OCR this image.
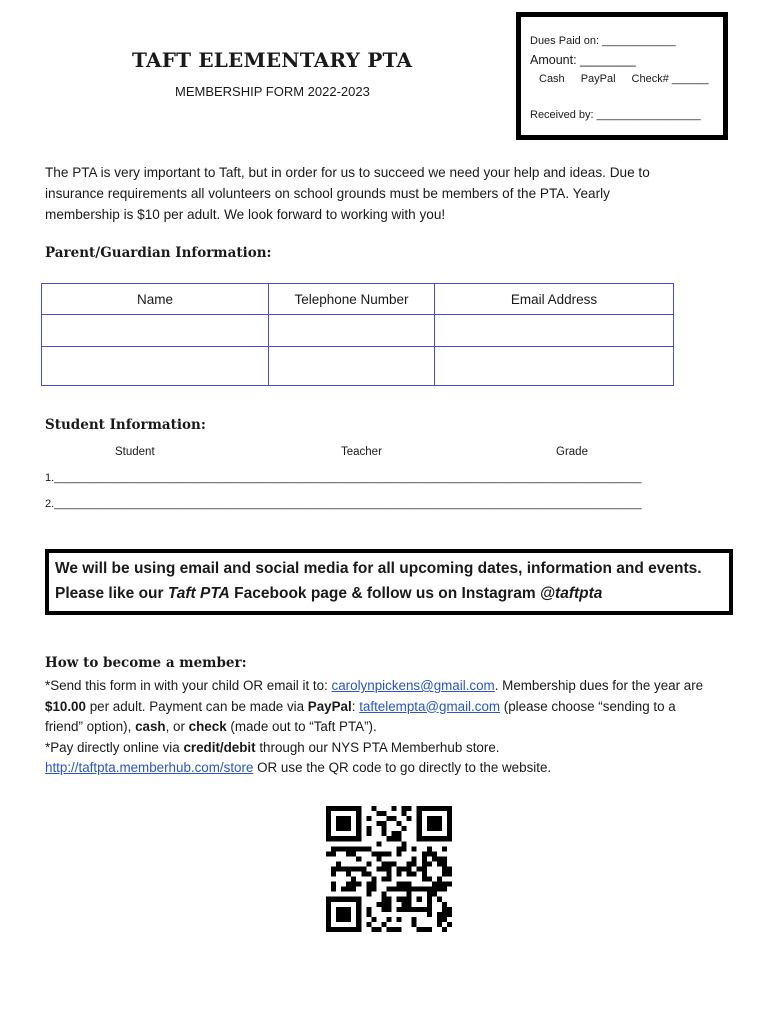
TAFT ELEMENTARY PTA
MEMBERSHIP FORM 2022-2023
Dues Paid on: ____________
Amount: ________
Cash PayPal Check# ______
Received by: _________________
The PTA is very important to Taft, but in order for us to succeed we need your help and ideas. Due to insurance requirements all volunteers on school grounds must be members of the PTA. Yearly membership is $10 per adult. We look forward to working with you!
Parent/Guardian Information:
Name	Telephone Number	Email Address

Student Information:
Student	Teacher	Grade
1.________________________________________________________________________________________________
2.________________________________________________________________________________________________
We will be using email and social media for all upcoming dates, information and events.
Please like our Taft PTA Facebook page & follow us on Instagram @taftpta
How to become a member:

*Send this form in with your child OR email it to: carolynpickens@gmail.com. Membership dues for the year are $10.00 per adult. Payment can be made via PayPal: taftelempta@gmail.com (please choose “sending to a friend” option), cash, or check (made out to “Taft PTA”).

*Pay directly online via credit/debit through our NYS PTA Memberhub store.
http://taftpta.memberhub.com/store OR use the QR code to go directly to the website.
